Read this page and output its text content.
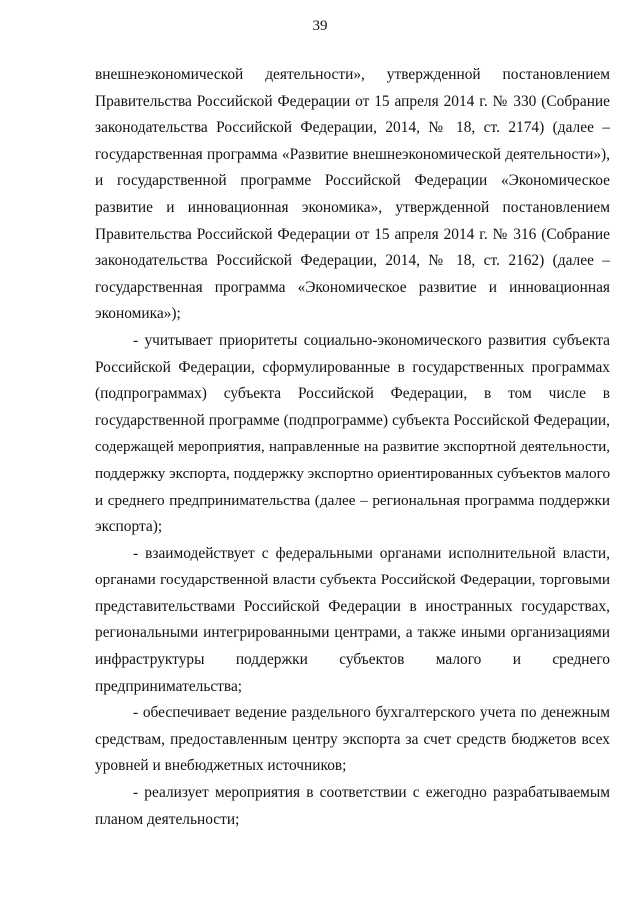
39
внешнеэкономической деятельности», утвержденной постановлением
Правительства Российской Федерации от 15 апреля 2014 г. № 330 (Собрание
законодательства Российской Федерации, 2014, № 18, ст. 2174) (далее –
государственная программа «Развитие внешнеэкономической деятельности»),
и государственной программе Российской Федерации «Экономическое
развитие и инновационная экономика», утвержденной постановлением
Правительства Российской Федерации от 15 апреля 2014 г. № 316 (Собрание
законодательства Российской Федерации, 2014, № 18, ст. 2162) (далее –
государственная программа «Экономическое развитие и инновационная
экономика»);
- учитывает приоритеты социально-экономического развития субъекта
Российской Федерации, сформулированные в государственных программах
(подпрограммах) субъекта Российской Федерации, в том числе в
государственной программе (подпрограмме) субъекта Российской Федерации,
содержащей мероприятия, направленные на развитие экспортной деятельности,
поддержку экспорта, поддержку экспортно ориентированных субъектов малого
и среднего предпринимательства (далее – региональная программа поддержки
экспорта);
- взаимодействует с федеральными органами исполнительной власти,
органами государственной власти субъекта Российской Федерации, торговыми
представительствами Российской Федерации в иностранных государствах,
региональными интегрированными центрами, а также иными организациями
инфраструктуры поддержки субъектов малого и среднего
предпринимательства;
- обеспечивает ведение раздельного бухгалтерского учета по денежным
средствам, предоставленным центру экспорта за счет средств бюджетов всех
уровней и внебюджетных источников;
- реализует мероприятия в соответствии с ежегодно разрабатываемым
планом деятельности;
